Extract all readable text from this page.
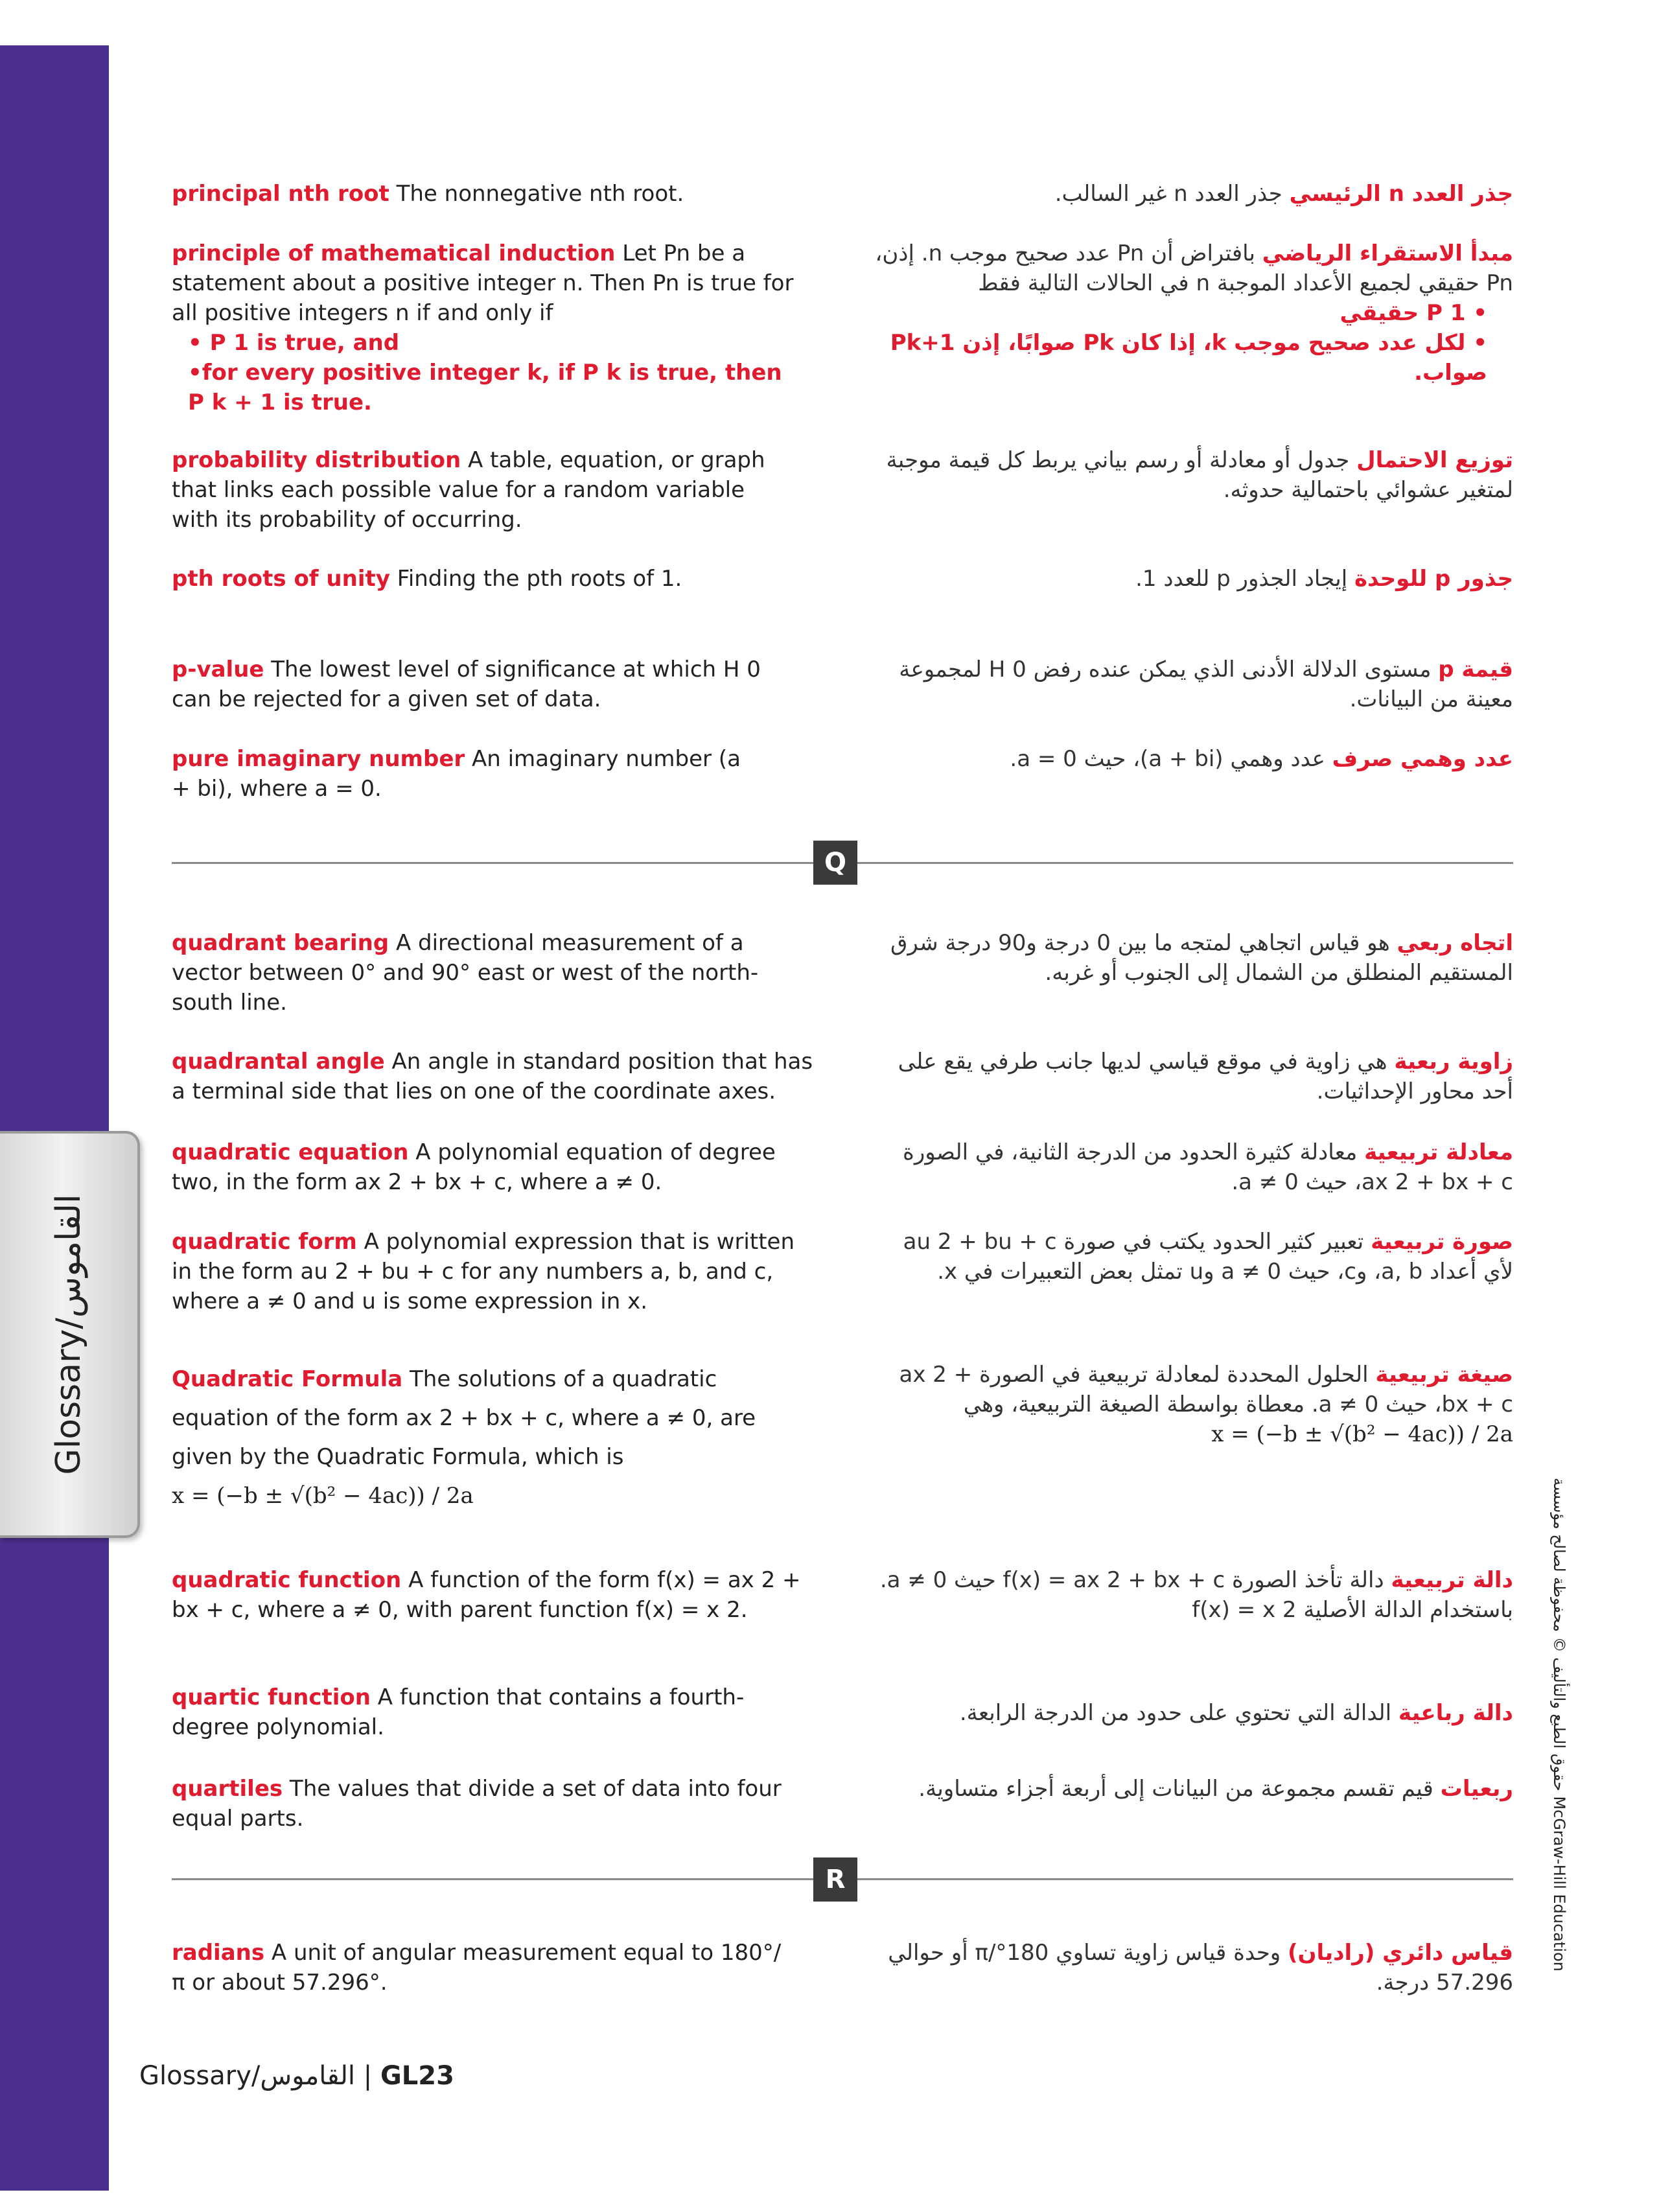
Glossary/القاموس
principal nth root The nonnegative nth root.
principle of mathematical induction Let Pn be a statement about a positive integer n. Then Pn is true for all positive integers n if and only if
• P 1 is true, and
•for every positive integer k, if P k is true, then P k + 1 is true.
probability distribution A table, equation, or graph that links each possible value for a random variable with its probability of occurring.
pth roots of unity Finding the pth roots of 1.
p-value The lowest level of significance at which H 0 can be rejected for a given set of data.
pure imaginary number An imaginary number (a + bi), where a = 0.
Q
quadrant bearing A directional measurement of a vector between 0° and 90° east or west of the north-south line.
quadrantal angle An angle in standard position that has a terminal side that lies on one of the coordinate axes.
quadratic equation A polynomial equation of degree two, in the form ax 2 + bx + c, where a ≠ 0.
quadratic form A polynomial expression that is written in the form au 2 + bu + c for any numbers a, b, and c, where a ≠ 0 and u is some expression in x.
Quadratic Formula The solutions of a quadratic equation of the form ax 2 + bx + c, where a ≠ 0, are given by the Quadratic Formula, which is
x = (−b ± √(b² − 4ac)) / 2a
quadratic function A function of the form f(x) = ax 2 + bx + c, where a ≠ 0, with parent function f(x) = x 2.
quartic function A function that contains a fourth-degree polynomial.
quartiles The values that divide a set of data into four equal parts.
R
radians A unit of angular measurement equal to 180°/π or about 57.296°.
جذر العدد n الرئيسي جذر العدد n غير السالب.
مبدأ الاستقراء الرياضي بافتراض أن Pn عدد صحيح موجب n. إذن، Pn حقيقي لجميع الأعداد الموجبة n في الحالات التالية فقط
• P 1 حقيقي
• لكل عدد صحيح موجب k، إذا كان Pk صوابًا، إذن Pk+1 صواب.
توزيع الاحتمال جدول أو معادلة أو رسم بياني يربط كل قيمة موجبة لمتغير عشوائي باحتمالية حدوثه.
جذور p للوحدة إيجاد الجذور p للعدد 1.
قيمة p مستوى الدلالة الأدنى الذي يمكن عنده رفض H 0 لمجموعة معينة من البيانات.
عدد وهمي صرف عدد وهمي (a + bi)، حيث a = 0.
اتجاه ربعي هو قياس اتجاهي لمتجه ما بين 0 درجة و90 درجة شرق المستقيم المنطلق من الشمال إلى الجنوب أو غربه.
زاوية ربعية هي زاوية في موقع قياسي لديها جانب طرفي يقع على أحد محاور الإحداثيات.
معادلة تربيعية معادلة كثيرة الحدود من الدرجة الثانية، في الصورة ax 2 + bx + c، حيث a ≠ 0.
صورة تربيعية تعبير كثير الحدود يكتب في صورة au 2 + bu + c لأي أعداد a, b، وc، حيث a ≠ 0 وu تمثل بعض التعبيرات في x.
صيغة تربيعية الحلول المحددة لمعادلة تربيعية في الصورة ax 2 + bx + c، حيث a ≠ 0. معطاة بواسطة الصيغة التربيعية، وهي
x = (−b ± √(b² − 4ac)) / 2a
دالة تربيعية دالة تأخذ الصورة f(x) = ax 2 + bx + c حيث a ≠ 0. باستخدام الدالة الأصلية f(x) = x 2
دالة رباعية الدالة التي تحتوي على حدود من الدرجة الرابعة.
ربعيات قيم تقسم مجموعة من البيانات إلى أربعة أجزاء متساوية.
قياس دائري (راديان) وحدة قياس زاوية تساوي 180°/π أو حوالي 57.296 درجة.
Glossary/القاموس | GL23
حقوق الطبع والتأليف © محفوظة لصالح مؤسسة McGraw-Hill Education
